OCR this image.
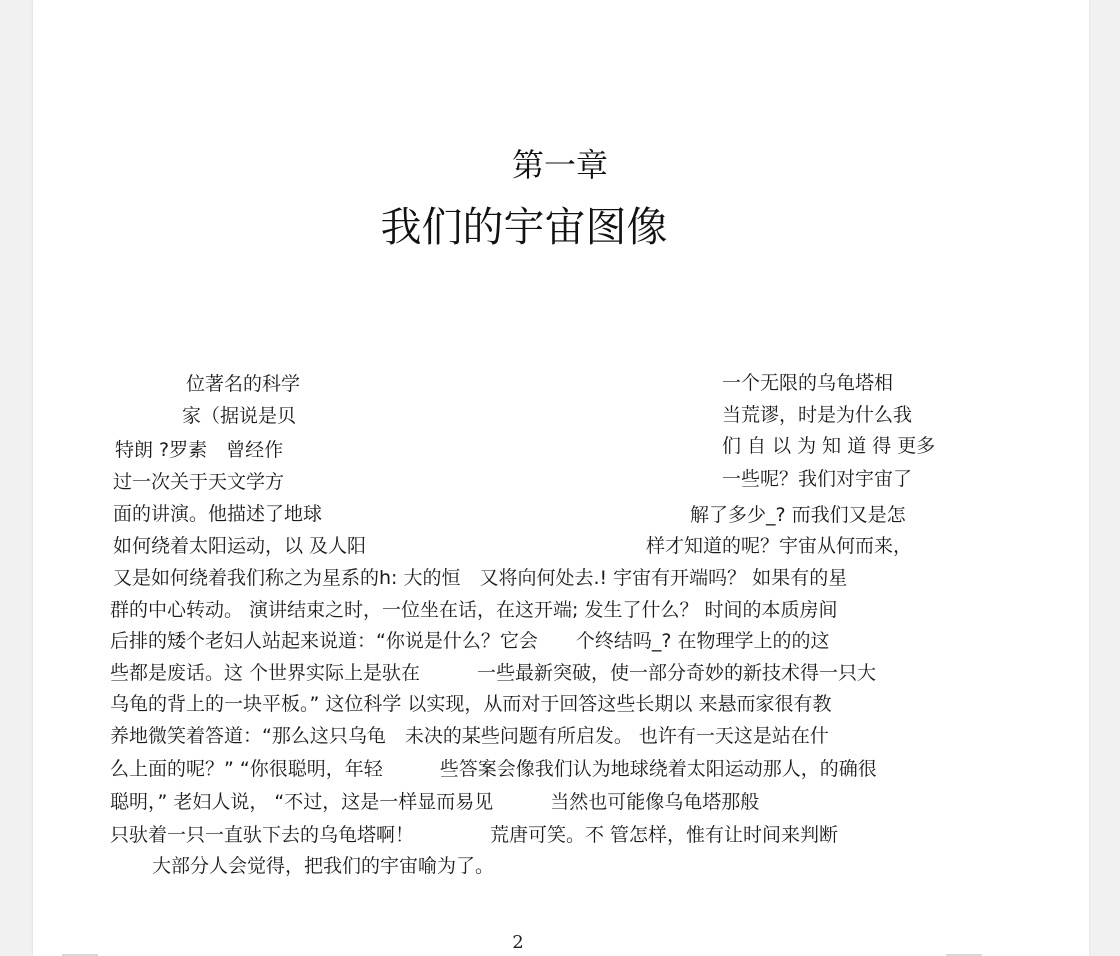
第一章
我们的宇宙图像
位著名的科学
家（据说是贝
特朗 ?罗素　曾经作
过一次关于天文学方
面的讲演。他描述了地球
如何绕着太阳运动，以 及人阳
一个无限的乌龟塔相
当荒谬，时是为什么我
们 自 以 为 知 道 得 更多
一些呢？我们对宇宙了
解了多少_? 而我们又是怎
样才知道的呢？宇宙从何而来，
又是如何绕着我们称之为星系的h: 大的恒　又将向何处去.! 宇宙有开端吗？ 如果有的星
群的中心转动。 演讲结束之时，一位坐在话，在这开端; 发生了什么？ 时间的本质房间
后排的矮个老妇人站起来说道：“你说是什么？它会　　个终结吗_? 在物理学上的的这
些都是废话。这 个世界实际上是驮在　　　一些最新突破，使一部分奇妙的新技术得一只大
乌龟的背上的一块平板。” 这位科学 以实现，从而对于回答这些长期以 来悬而家很有教
养地微笑着答道：“那么这只乌龟　未决的某些问题有所启发。 也许有一天这是站在什
么上面的呢？” “你很聪明，年轻　　　些答案会像我们认为地球绕着太阳运动那人，的确很
聪明，” 老妇人说， “不过，这是一样显而易见　　　当然也可能像乌龟塔那般
只驮着一只一直驮下去的乌龟塔啊！　　　　荒唐可笑。不 管怎样，惟有让时间来判断
大部分人会觉得，把我们的宇宙喻为了。
2
